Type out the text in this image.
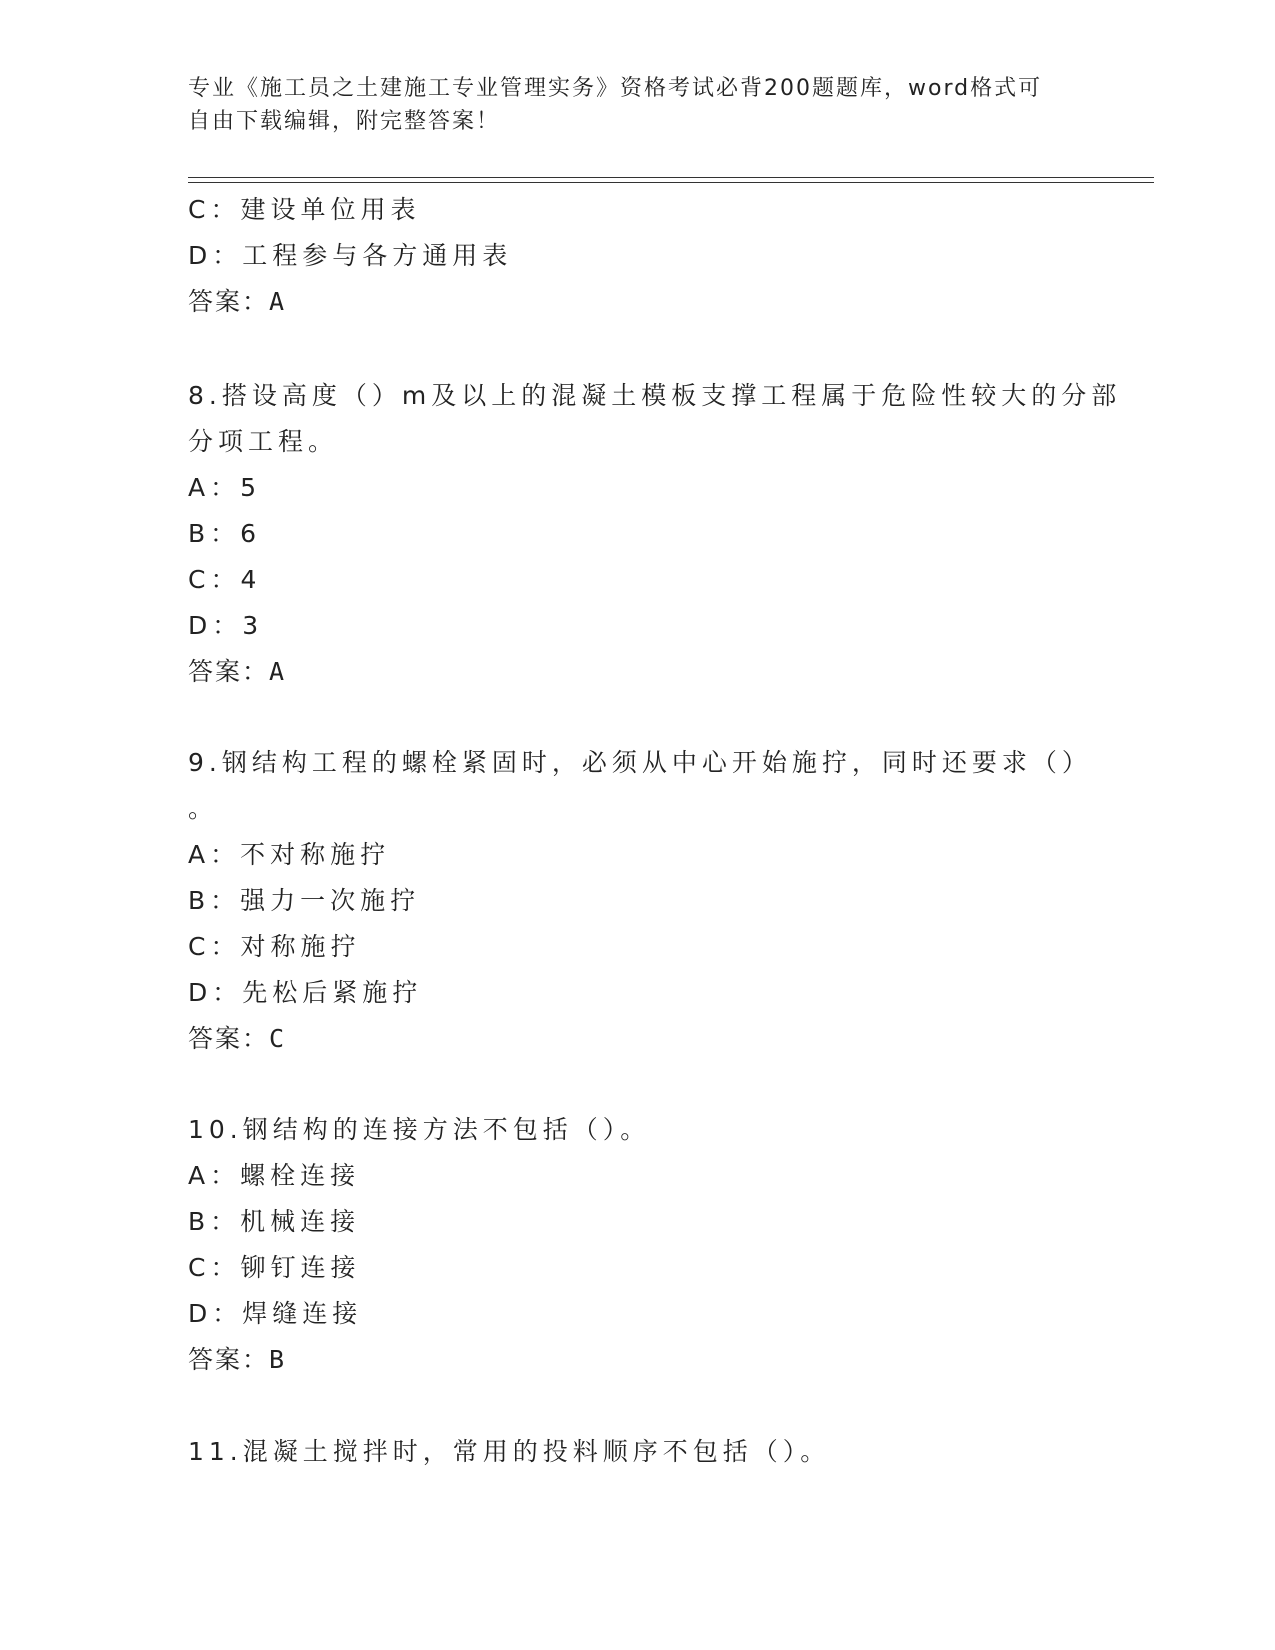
专业《施工员之土建施工专业管理实务》资格考试必背200题题库，word格式可
自由下载编辑，附完整答案！
C：建设单位用表
D：工程参与各方通用表
答案：A
8.搭设高度（）m及以上的混凝土模板支撑工程属于危险性较大的分部
分项工程。
A：5
B：6
C：4
D：3
答案：A
9.钢结构工程的螺栓紧固时，必须从中心开始施拧，同时还要求（）
。
A：不对称施拧
B：强力一次施拧
C：对称施拧
D：先松后紧施拧
答案：C
10.钢结构的连接方法不包括（）。
A：螺栓连接
B：机械连接
C：铆钉连接
D：焊缝连接
答案：B
11.混凝土搅拌时，常用的投料顺序不包括（）。
